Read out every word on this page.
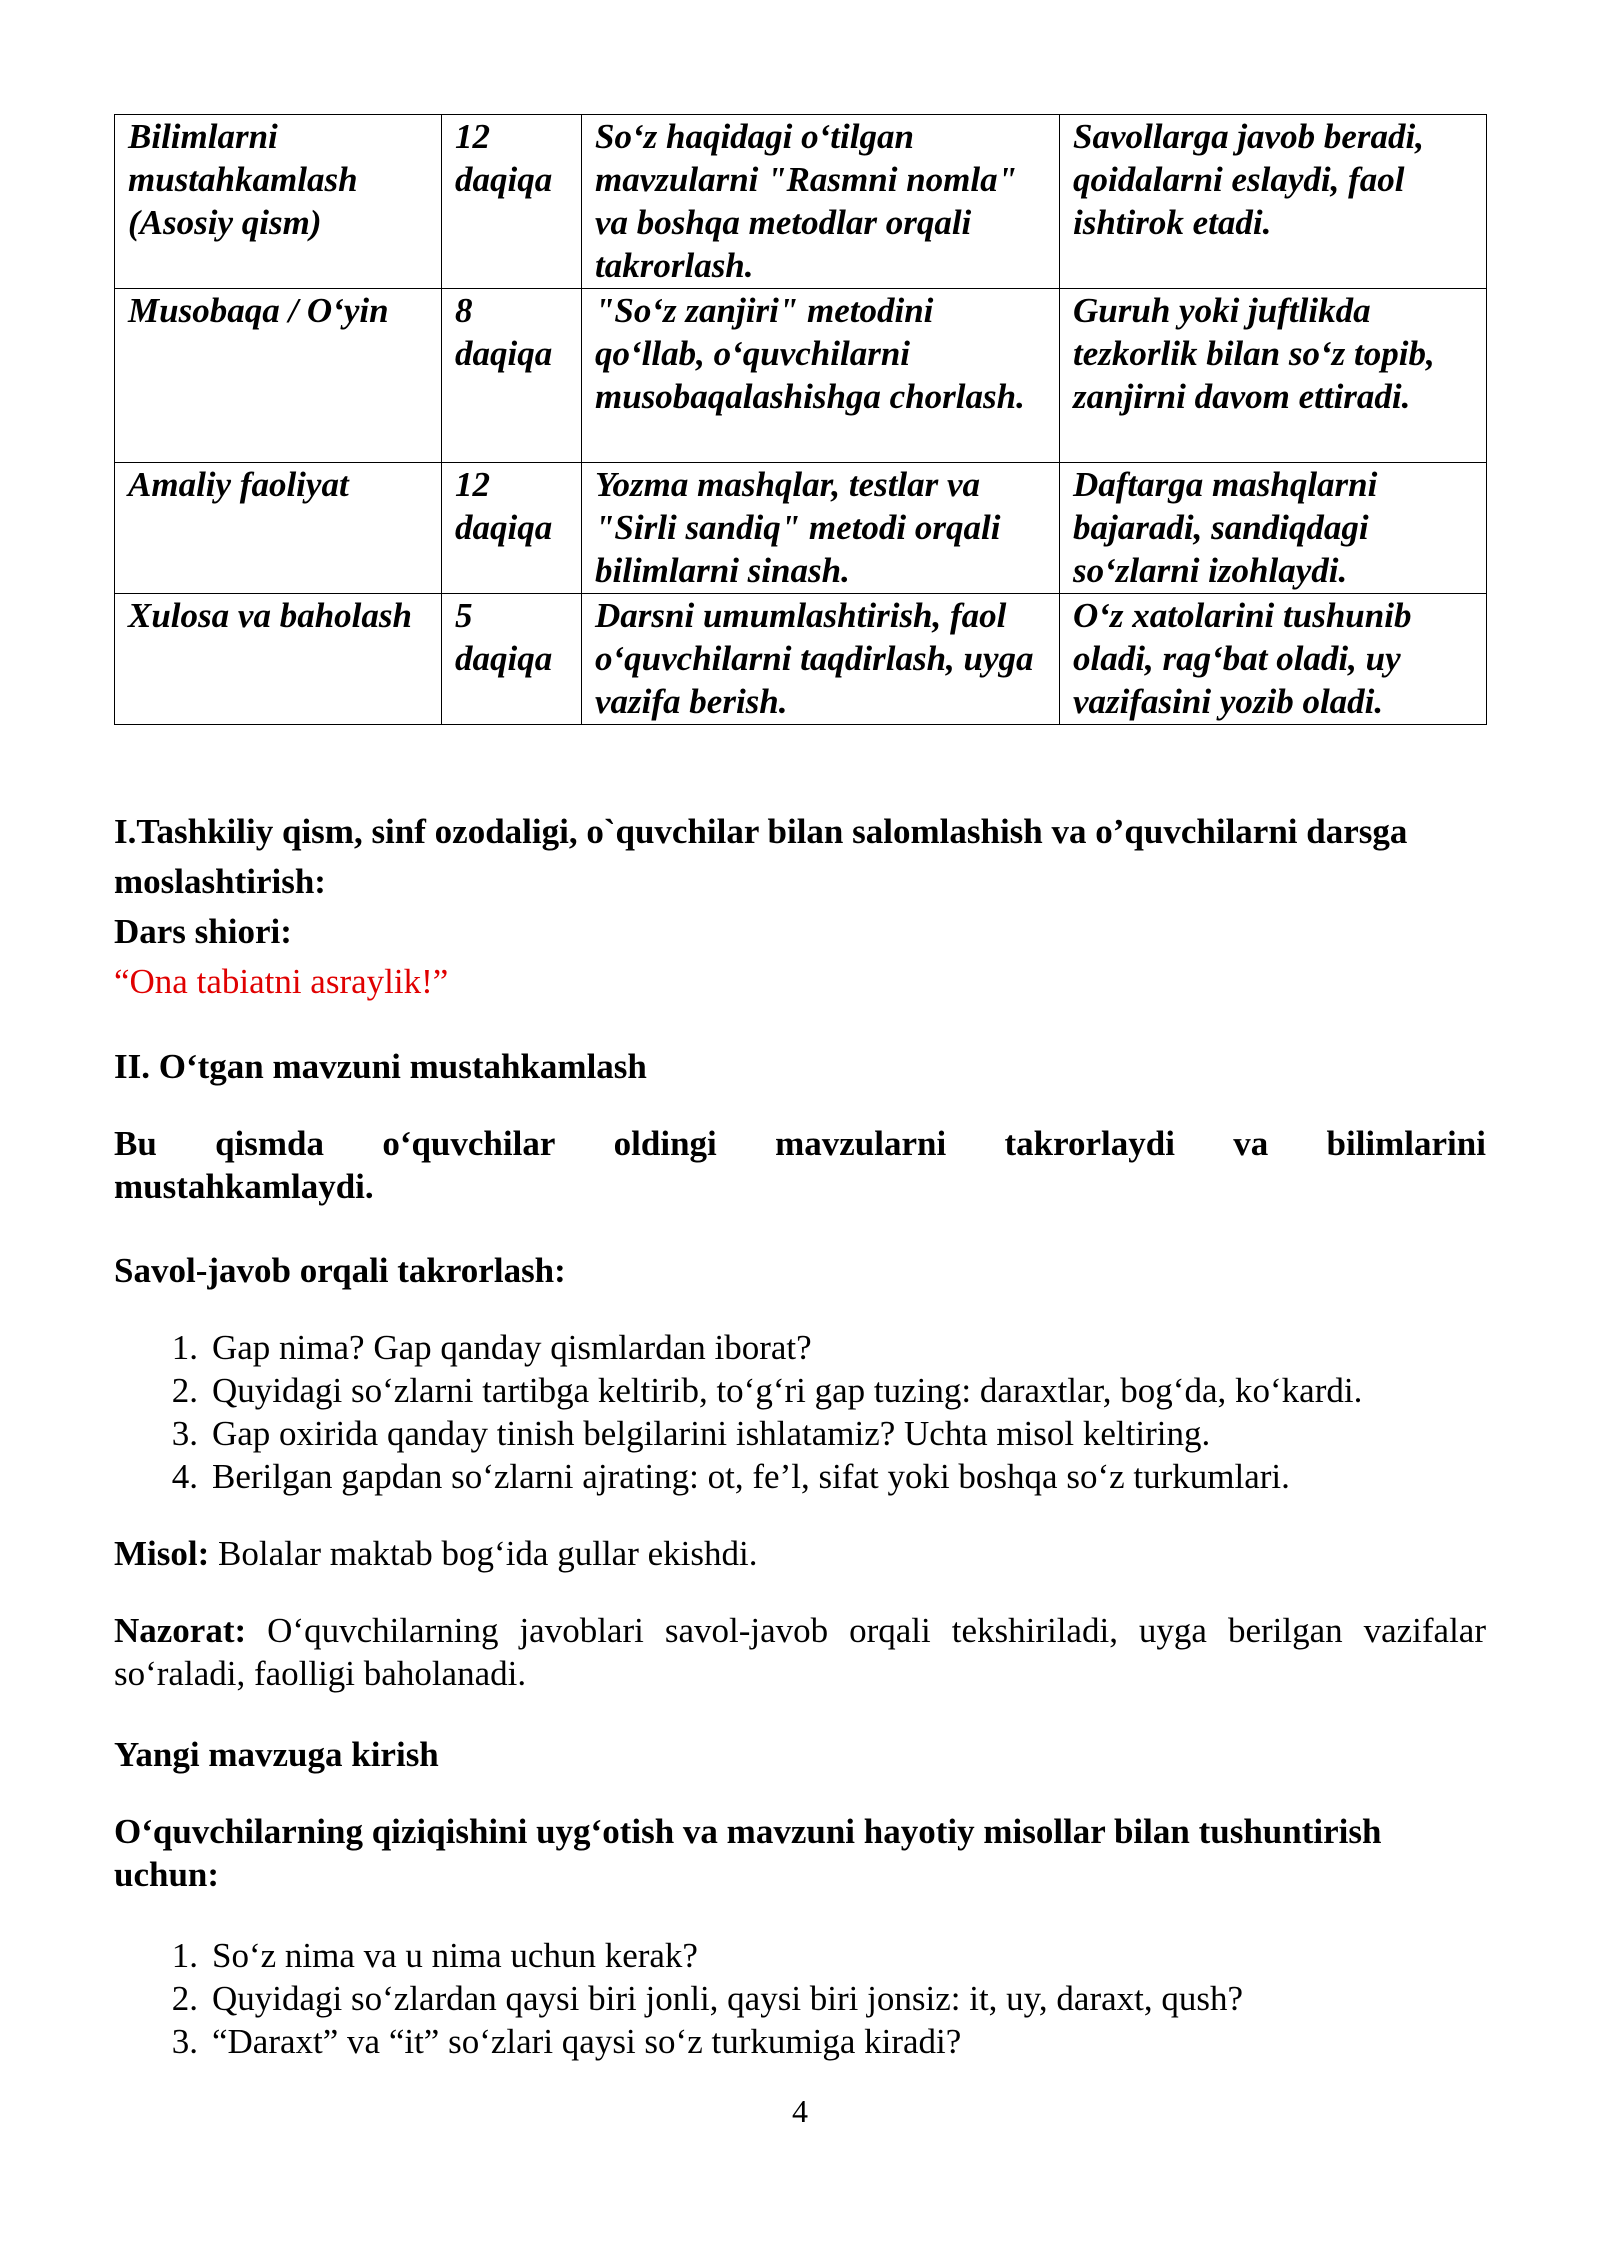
Bilimlarni mustahkamlash (Asosiy qism)	12 daqiqa	So‘z haqidagi o‘tilgan mavzularni "Rasmni nomla" va boshqa metodlar orqali takrorlash.	Savollarga javob beradi, qoidalarni eslaydi, faol ishtirok etadi.
Musobaqa / O‘yin	8 daqiqa	"So‘z zanjiri" metodini qo‘llab, o‘quvchilarni musobaqalashishga chorlash.	Guruh yoki juftlikda tezkorlik bilan so‘z topib, zanjirni davom ettiradi.
Amaliy faoliyat	12 daqiqa	Yozma mashqlar, testlar va "Sirli sandiq" metodi orqali bilimlarni sinash.	Daftarga mashqlarni bajaradi, sandiqdagi so‘zlarni izohlaydi.
Xulosa va baholash	5 daqiqa	Darsni umumlashtirish, faol o‘quvchilarni taqdirlash, uyga vazifa berish.	O‘z xatolarini tushunib oladi, rag‘bat oladi, uy vazifasini yozib oladi.

I.Tashkiliy qism, sinf ozodaligi, o`quvchilar bilan salomlashish va o’quvchilarni darsga moslashtirish:

Dars shiori:

“Ona tabiatni asraylik!”

II. O‘tgan mavzuni mustahkamlash

Bu qismda o‘quvchilar oldingi mavzularni takrorlaydi va bilimlarini

mustahkamlaydi.

Savol-javob orqali takrorlash:

1. Gap nima? Gap qanday qismlardan iborat?
2. Quyidagi so‘zlarni tartibga keltirib, to‘g‘ri gap tuzing: daraxtlar, bog‘da, ko‘kardi.
3. Gap oxirida qanday tinish belgilarini ishlatamiz? Uchta misol keltiring.
4. Berilgan gapdan so‘zlarni ajrating: ot, fe’l, sifat yoki boshqa so‘z turkumlari.

Misol: Bolalar maktab bog‘ida gullar ekishdi.

Nazorat: O‘quvchilarning javoblari savol-javob orqali tekshiriladi, uyga berilgan vazifalar so‘raladi, faolligi baholanadi.

Yangi mavzuga kirish

O‘quvchilarning qiziqishini uyg‘otish va mavzuni hayotiy misollar bilan tushuntirish uchun:

1. So‘z nima va u nima uchun kerak?
2. Quyidagi so‘zlardan qaysi biri jonli, qaysi biri jonsiz: it, uy, daraxt, qush?
3. “Daraxt” va “it” so‘zlari qaysi so‘z turkumiga kiradi?
4
